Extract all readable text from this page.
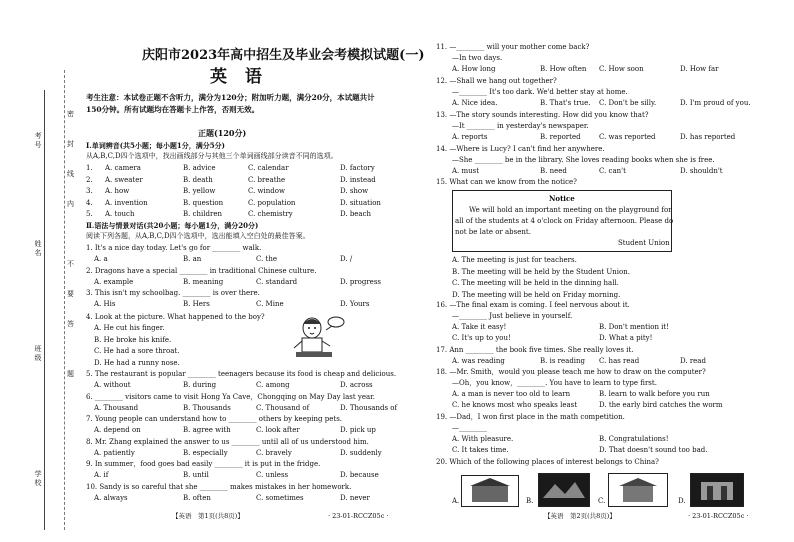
考号
姓名
班级
学校
密
封
线
内
不
要
答
题
庆阳市2023年高中招生及毕业会考模拟试题(一)
英 语
考生注意：本试卷正题不含听力，满分为120分；附加听力题，满分20分，本试题共计
150分钟。所有试题均在答题卡上作答，否则无效。
正题(120分)
Ⅰ.单词辨音(共5小题；每小题1分，满分5分)
从A,B,C,D四个选项中，找出画线部分与其他三个单词画线部分读音不同的选项。
1. A. camera	B. advice	C. calendar	D. factory
2. A. sweater	B. death	C. breathe	D. instead
3. A. how	B. yellow	C. window	D. show
4. A. invention	B. question	C. population	D. situation
5. A. touch	B. children	C. chemistry	D. beach
Ⅱ.语法与情景对话(共20小题；每小题1分，满分20分)
阅读下列各题，从A,B,C,D四个选项中，选出能填入空白处的最佳答案。
1. It's a nice day today. Let's go for ________ walk.
A. a	B. an	C. the	D. /
2. Dragons have a special ________ in traditional Chinese culture.
A. example	B. meaning	C. standard	D. progress
3. This isn't my schoolbag. ________ is over there.
A. His	B. Hers	C. Mine	D. Yours
4. Look at the picture. What happened to the boy?
A. He cut his finger.
B. He broke his knife.
C. He had a sore throat.
D. He had a runny nose.
5. The restaurant is popular ________ teenagers because its food is cheap and delicious.
A. without	B. during	C. among	D. across
6. ________ visitors came to visit Hong Ya Cave，Chongqing on May Day last year.
A. Thousand	B. Thousands	C. Thousand of	D. Thousands of
7. Young people can understand how to ________ others by keeping pets.
A. depend on	B. agree with	C. look after	D. pick up
8. Mr. Zhang explained the answer to us ________ until all of us understood him.
A. patiently	B. especially	C. bravely	D. suddenly
9. In summer，food goes bad easily ________ it is put in the fridge.
A. if	B. until	C. unless	D. because
10. Sandy is so careful that she ________ makes mistakes in her homework.
A. always	B. often	C. sometimes	D. never
11. —________ will your mother come back?
—In two days.
A. How long	B. How often C. How soon	D. How far
12. —Shall we hang out together?
—________ It's too dark. We'd better stay at home.
A. Nice idea.	B. That's true. C. Don't be silly.	D. I'm proud of you.
13. —The story sounds interesting. How did you know that?
—It ________ in yesterday's newspaper.
A. reports	B. reported	C. was reported	D. has reported
14. —Where is Lucy? I can't find her anywhere.
—She ________ be in the library. She loves reading books when she is free.
A. must	B. need	C. can't	D. shouldn't
15. What can we know from the notice?
A. The meeting is just for teachers.
B. The meeting will be held by the Student Union.
C. The meeting will be held in the dinning hall.
D. The meeting will be held on Friday morning.
16. —The final exam is coming. I feel nervous about it.
—________ Just believe in yourself.
A. Take it easy!	B. Don't mention it!
C. It's up to you!	D. What a pity!
17. Ann ________ the book five times. She really loves it.
A. was reading	B. is reading C. has read	D. read
18. —Mr. Smith，would you please teach me how to draw on the computer?
—Oh，you know，________. You have to learn to type first.
A. a man is never too old to learn	B. learn to walk before you run
C. he knows most who speaks least	D. the early bird catches the worm
19. —Dad，I won first place in the math competition.
—________
A. With pleasure.	B. Congratulations!
C. It takes time.	D. That doesn't sound too bad.
20. Which of the following places of interest belongs to China?
Notice
We will hold an important meeting on the playground for
all of the students at 4 o'clock on Friday afternoon. Please do
not be late or absent.
Student Union
A.	B.	C.	D.
【英语　第1页(共8页)】	· 23-01-RCCZ05c ·	【英语　第2页(共8页)】	· 23-01-RCCZ05c ·
